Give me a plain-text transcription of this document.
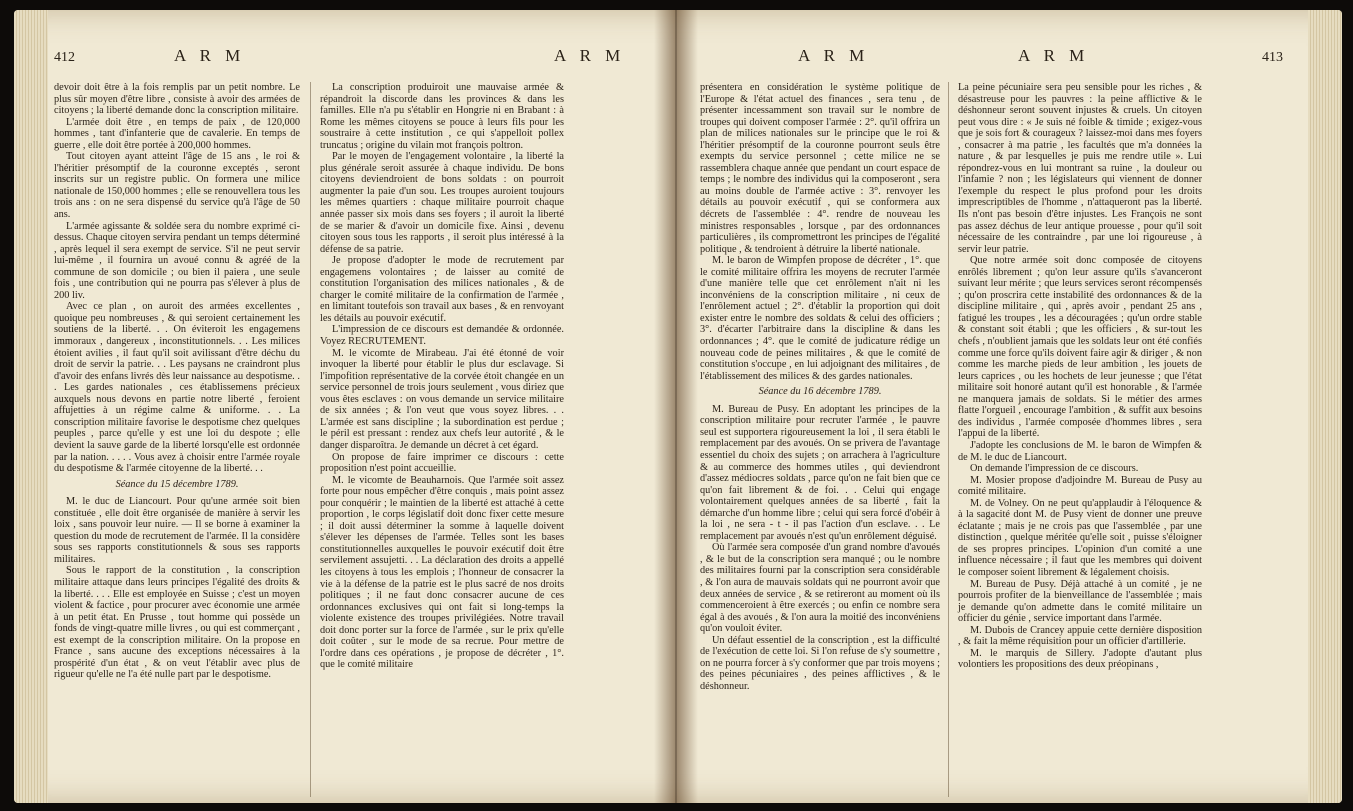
412	A R M	A R M	A R M	A R M	413

devoir doit être à la fois remplis par un petit nombre. Le plus sûr moyen d'être libre , consiste à avoir des armées de citoyens ; la liberté demande donc la conscription militaire.

L'armée doit être , en temps de paix , de 120,000 hommes , tant d'infanterie que de cavalerie. En temps de guerre , elle doit être portée à 200,000 hommes.

Tout citoyen ayant atteint l'âge de 15 ans , le roi & l'héritier présomptif de la couronne exceptés , seront inscrits sur un registre public. On formera une milice nationale de 150,000 hommes ; elle se renouvellera tous les trois ans : on ne sera dispensé du service qu'à l'âge de 50 ans.

L'armée agissante & soldée sera du nombre exprimé ci-dessus. Chaque citoyen servira pendant un temps déterminé , après lequel il sera exempt de service. S'il ne peut servir lui-même , il fournira un avoué connu & agréé de la commune de son domicile ; ou bien il paiera , une seule fois , une contribution qui ne pourra pas s'élever à plus de 200 liv.

Avec ce plan , on auroit des armées excellentes , quoique peu nombreuses , & qui seroient certainement les soutiens de la liberté. . . On éviteroit les engagemens immoraux , dangereux , inconstitutionnels. . . Les milices étoient avilies , il faut qu'il soit avilissant d'être déchu du droit de servir la patrie. . . Les paysans ne craindront plus d'avoir des enfans livrés dès leur naissance au despotisme. . . Les gardes nationales , ces établissemens précieux auxquels nous devons en partie notre liberté , feroient affujetties à un régime calme & uniforme. . . La conscription militaire favorise le despotisme chez quelques peuples , parce qu'elle y est une loi du despote ; elle devient la sauve garde de la liberté lorsqu'elle est ordonnée par la nation. . . . . Vous avez à choisir entre l'armée royale du despotisme & l'armée citoyenne de la liberté. . .

Séance du 15 décembre 1789.

M. le duc de Liancourt. Pour qu'une armée soit bien constituée , elle doit être organisée de manière à servir les loix , sans pouvoir leur nuire. — Il se borne à examiner la question du mode de recrutement de l'armée. Il la considère sous ses rapports constitutionnels & sous ses rapports militaires.

Sous le rapport de la constitution , la conscription militaire attaque dans leurs principes l'égalité des droits & la liberté. . . . Elle est employée en Suisse ; c'est un moyen violent & factice , pour procurer avec économie une armée à un petit état. En Prusse , tout homme qui possède un fonds de vingt-quatre mille livres , ou qui est commerçant , est exempt de la conscription militaire. On la propose en France , sans aucune des exceptions nécessaires à la prospérité d'un état , & on veut l'établir avec plus de rigueur qu'elle ne l'a été nulle part par le despotisme.

La conscription produiroit une mauvaise armée & répandroit la discorde dans les provinces & dans les familles. Elle n'a pu s'établir en Hongrie ni en Brabant : à Rome les mêmes citoyens se pouce à leurs fils pour les soustraire à cette institution , ce qui s'appelloit pollex truncatus ; origine du vilain mot françois poltron.

Par le moyen de l'engagement volontaire , la liberté la plus générale seroit assurée à chaque individu. De bons citoyens deviendroient de bons soldats : on pourroit augmenter la paie d'un sou. Les troupes auroient toujours les mêmes quartiers : chaque militaire pourroit chaque année passer six mois dans ses foyers ; il auroit la liberté de se marier & d'avoir un domicile fixe. Ainsi , devenu citoyen sous tous les rapports , il seroit plus intéressé à la défense de sa patrie.

Je propose d'adopter le mode de recrutement par engagemens volontaires ; de laisser au comité de constitution l'organisation des milices nationales , & de charger le comité militaire de la confirmation de l'armée , en limitant toutefois son travail aux bases , & en renvoyant les détails au pouvoir exécutif.

L'impression de ce discours est demandée & ordonnée. Voyez RECRUTEMENT.

M. le vicomte de Mirabeau. J'ai été étonné de voir invoquer la liberté pour établir le plus dur esclavage. Si l'impofition représentative de la corvée étoit changée en un service personnel de trois jours seulement , vous diriez que vous êtes esclaves : on vous demande un service militaire de six années ; & l'on veut que vous soyez libres. . . L'armée est sans discipline ; la subordination est perdue ; le péril est pressant : rendez aux chefs leur autorité , & le danger disparoîtra. Je demande un décret à cet égard.

On propose de faire imprimer ce discours : cette proposition n'est point accueillie.

M. le vicomte de Beauharnois. Que l'armée soit assez forte pour nous empêcher d'être conquis , mais point assez pour conquérir ; le maintien de la liberté est attaché à cette proportion , le corps législatif doit donc fixer cette mesure ; il doit aussi déterminer la somme à laquelle doivent s'élever les dépenses de l'armée. Telles sont les bases constitutionnelles auxquelles le pouvoir exécutif doit être servilement assujetti. . . La déclaration des droits a appellé les citoyens à tous les emplois ; l'honneur de consacrer la vie à la défense de la patrie est le plus sacré de nos droits politiques ; il ne faut donc consacrer aucune de ces ordonnances exclusives qui ont fait si long-temps la violente existence des troupes privilégiées. Notre travail doit donc porter sur la force de l'armée , sur le prix qu'elle doit coûter , sur le mode de sa recrue. Pour mettre de l'ordre dans ces opérations , je propose de décréter , 1°. que le comité militaire

présentera en considération le système politique de l'Europe & l'état actuel des finances , sera tenu , de présenter incessamment son travail sur le nombre de troupes qui doivent composer l'armée : 2°. qu'il offrira un plan de milices nationales sur le principe que le roi & l'héritier présomptif de la couronne pourront seuls être exempts du service personnel ; cette milice ne se rassemblera chaque année que pendant un court espace de temps ; le nombre des individus qui la composeront , sera au moins double de l'armée active : 3°. renvoyer les détails au pouvoir exécutif , qui se conformera aux décrets de l'assemblée : 4°. rendre de nouveau les ministres responsables , lorsque , par des ordonnances particulières , ils compromettront les principes de l'égalité politique , & tendroient à détruire la liberté nationale.

M. le baron de Wimpfen propose de décréter , 1°. que le comité militaire offrira les moyens de recruter l'armée d'une manière telle que cet enrôlement n'ait ni les inconvéniens de la conscription militaire , ni ceux de l'enrôlement actuel ; 2°. d'établir la proportion qui doit exister entre le nombre des soldats & celui des officiers ; 3°. d'écarter l'arbitraire dans la discipline & dans les ordonnances ; 4°. que le comité de judicature rédige un nouveau code de peines militaires , & que le comité de constitution s'occupe , en lui adjoignant des militaires , de l'établissement des milices & des gardes nationales.

Séance du 16 décembre 1789.

M. Bureau de Pusy. En adoptant les principes de la conscription militaire pour recruter l'armée , le pauvre seul est supportera rigoureusement la loi , il sera établi le remplacement par des avoués. On se privera de l'avantage essentiel du choix des sujets ; on arrachera à l'agriculture & au commerce des hommes utiles , qui deviendront d'assez médiocres soldats , parce qu'on ne fait bien que ce qu'on fait librement & de foi. . . Celui qui engage volontairement quelques années de sa liberté , fait la démarche d'un homme libre ; celui qui sera forcé d'obéir à la loi , ne sera - t - il pas l'action d'un esclave. . . Le remplacement par avoués n'est qu'un enrôlement déguisé.

Où l'armée sera composée d'un grand nombre d'avoués , & le but de la conscription sera manqué ; ou le nombre des militaires fourni par la conscription sera considérable , & l'on aura de mauvais soldats qui ne pourront avoir que deux années de service , & se retireront au moment où ils commenceroient à être exercés ; ou enfin ce nombre sera égal à des avoués , & l'on aura la moitié des inconvéniens qu'on vouloit éviter.

Un défaut essentiel de la conscription , est la difficulté de l'exécution de cette loi. Si l'on refuse de s'y soumettre , on ne pourra forcer à s'y conformer que par trois moyens ; des peines pécuniaires , des peines afflictives , & le déshonneur.

La peine pécuniaire sera peu sensible pour les riches , & désastreuse pour les pauvres : la peine afflictive & le déshonneur seront souvent injustes & cruels. Un citoyen peut vous dire : « Je suis né foible & timide ; exigez-vous que je sois fort & courageux ? laissez-moi dans mes foyers , consacrer à ma patrie , les facultés que m'a données la nature , & par lesquelles je puis me rendre utile ». Lui répondrez-vous en lui montrant sa ruine , la douleur ou l'infamie ? non ; les législateurs qui viennent de donner l'exemple du respect le plus profond pour les droits imprescriptibles de l'homme , n'attaqueront pas la liberté. Ils n'ont pas besoin d'être injustes. Les François ne sont pas assez déchus de leur antique prouesse , pour qu'il soit nécessaire de les contraindre , par une loi rigoureuse , à servir leur patrie.

Que notre armée soit donc composée de citoyens enrôlés librement ; qu'on leur assure qu'ils s'avanceront suivant leur mérite ; que leurs services seront récompensés ; qu'on proscrira cette instabilité des ordonnances & de la discipline militaire , qui , après avoir , pendant 25 ans , fatigué les troupes , les a découragées ; qu'un ordre stable & constant soit établi ; que les officiers , & sur-tout les chefs , n'oublient jamais que les soldats leur ont été confiés comme une force qu'ils doivent faire agir & diriger , & non comme les marche pieds de leur ambition , les jouets de leurs caprices , ou les hochets de leur jeunesse ; que l'état militaire soit honoré autant qu'il est honorable , & l'armée ne manquera jamais de soldats. Si le métier des armes flatte l'orgueil , encourage l'ambition , & suffit aux besoins des individus , l'armée composée d'hommes libres , sera l'appui de la liberté.

J'adopte les conclusions de M. le baron de Wimpfen & de M. le duc de Liancourt.

On demande l'impression de ce discours.

M. Mosier propose d'adjoindre M. Bureau de Pusy au comité militaire.

M. de Volney. On ne peut qu'applaudir à l'éloquence & à la sagacité dont M. de Pusy vient de donner une preuve éclatante ; mais je ne crois pas que l'assemblée , par une distinction , quelque méritée qu'elle soit , puisse s'éloigner de ses propres principes. L'opinion d'un comité a une influence nécessaire ; il faut que les membres qui doivent le composer soient librement & légalement choisis.

M. Bureau de Pusy. Déjà attaché à un comité , je ne pourrois profiter de la bienveillance de l'assemblée ; mais je demande qu'on admette dans le comité militaire un officier du génie , service important dans l'armée.

M. Dubois de Crancey appuie cette dernière disposition , & fait la même réquisition pour un officier d'artillerie.

M. le marquis de Sillery. J'adopte d'autant plus volontiers les propositions des deux préopinans ,
